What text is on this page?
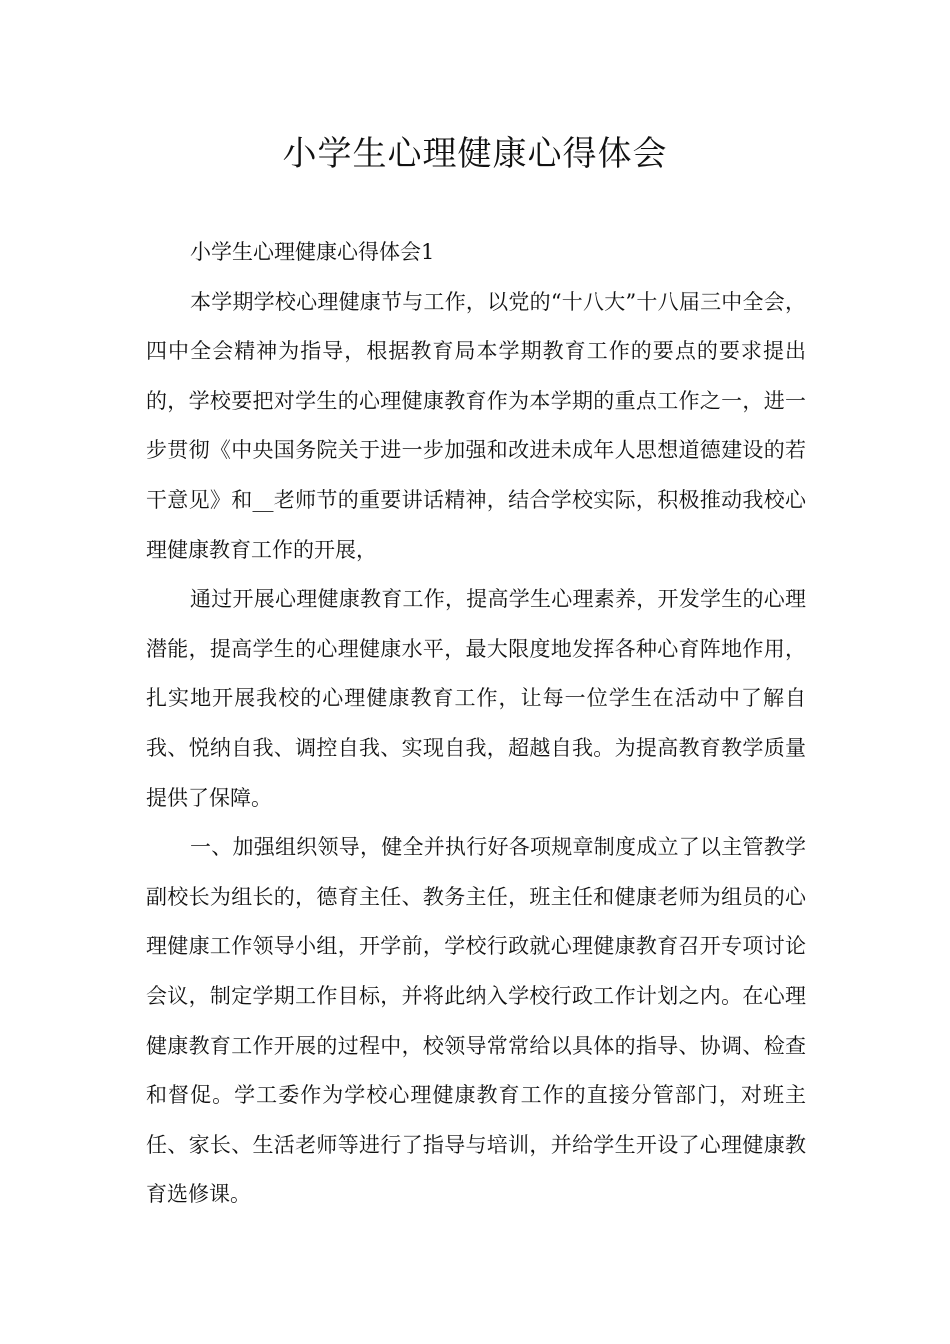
小学生心理健康心得体会

小学生心理健康心得体会1

本学期学校心理健康节与工作，以党的“十八大”十八届三中全会，四中全会精神为指导，根据教育局本学期教育工作的要点的要求提出的，学校要把对学生的心理健康教育作为本学期的重点工作之一，进一步贯彻《中央国务院关于进一步加强和改进未成年人思想道德建设的若干意见》和__老师节的重要讲话精神，结合学校实际，积极推动我校心理健康教育工作的开展，

通过开展心理健康教育工作，提高学生心理素养，开发学生的心理潜能，提高学生的心理健康水平，最大限度地发挥各种心育阵地作用，扎实地开展我校的心理健康教育工作，让每一位学生在活动中了解自我、悦纳自我、调控自我、实现自我，超越自我。为提高教育教学质量提供了保障。

一、加强组织领导，健全并执行好各项规章制度成立了以主管教学副校长为组长的，德育主任、教务主任，班主任和健康老师为组员的心理健康工作领导小组，开学前，学校行政就心理健康教育召开专项讨论会议，制定学期工作目标，并将此纳入学校行政工作计划之内。在心理健康教育工作开展的过程中，校领导常常给以具体的指导、协调、检查和督促。学工委作为学校心理健康教育工作的直接分管部门，对班主任、家长、生活老师等进行了指导与培训，并给学生开设了心理健康教育选修课。
